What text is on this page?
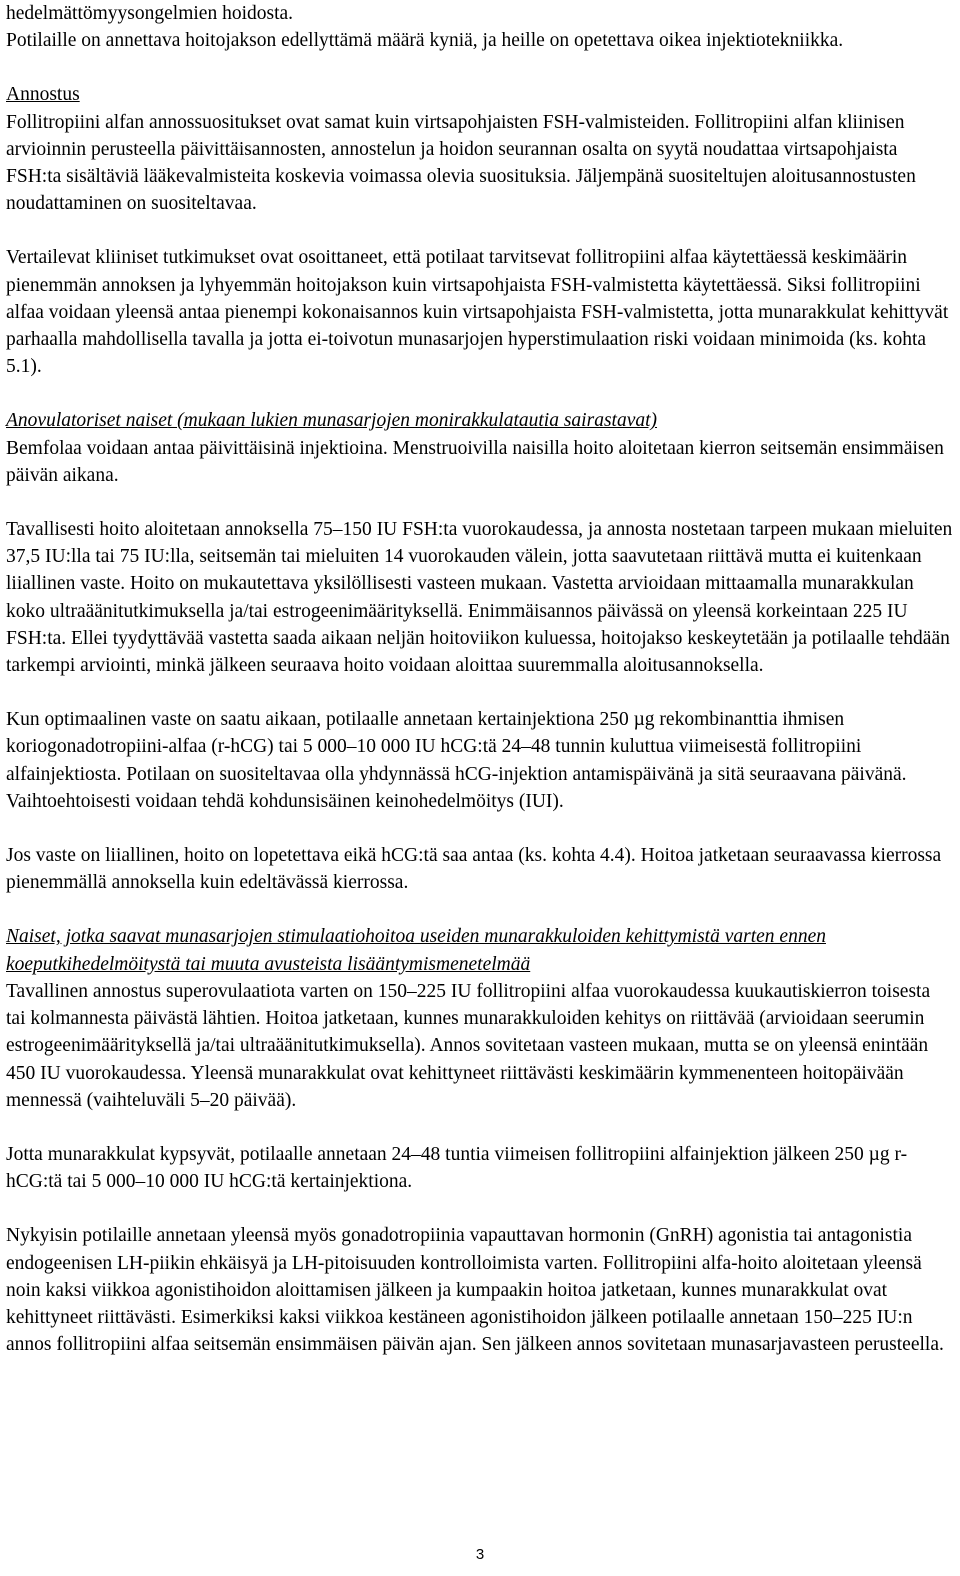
hedelmättömyysongelmien hoidosta.

Potilaille on annettava hoitojakson edellyttämä määrä kyniä, ja heille on opetettava oikea injektiotekniikka.

Annostus

Follitropiini alfan annossuositukset ovat samat kuin virtsapohjaisten FSH-valmisteiden. Follitropiini alfan kliinisen arvioinnin perusteella päivittäisannosten, annostelun ja hoidon seurannan osalta on syytä noudattaa virtsapohjaista FSH:ta sisältäviä lääkevalmisteita koskevia voimassa olevia suosituksia. Jäljempänä suositeltujen aloitusannostusten noudattaminen on suositeltavaa.

Vertailevat kliiniset tutkimukset ovat osoittaneet, että potilaat tarvitsevat follitropiini alfaa käytettäessä keskimäärin pienemmän annoksen ja lyhyemmän hoitojakson kuin virtsapohjaista FSH-valmistetta käytettäessä. Siksi follitropiini alfaa voidaan yleensä antaa pienempi kokonaisannos kuin virtsapohjaista FSH-valmistetta, jotta munarakkulat kehittyvät parhaalla mahdollisella tavalla ja jotta ei-toivotun munasarjojen hyperstimulaation riski voidaan minimoida (ks. kohta 5.1).

Anovulatoriset naiset (mukaan lukien munasarjojen monirakkulatautia sairastavat)

Bemfolaa voidaan antaa päivittäisinä injektioina. Menstruoivilla naisilla hoito aloitetaan kierron seitsemän ensimmäisen päivän aikana.

Tavallisesti hoito aloitetaan annoksella 75–150 IU FSH:ta vuorokaudessa, ja annosta nostetaan tarpeen mukaan mieluiten 37,5 IU:lla tai 75 IU:lla, seitsemän tai mieluiten 14 vuorokauden välein, jotta saavutetaan riittävä mutta ei kuitenkaan liiallinen vaste. Hoito on mukautettava yksilöllisesti vasteen mukaan. Vastetta arvioidaan mittaamalla munarakkulan koko ultraäänitutkimuksella ja/tai estrogeenimäärityksellä. Enimmäisannos päivässä on yleensä korkeintaan 225 IU FSH:ta. Ellei tyydyttävää vastetta saada aikaan neljän hoitoviikon kuluessa, hoitojakso keskeytetään ja potilaalle tehdään tarkempi arviointi, minkä jälkeen seuraava hoito voidaan aloittaa suuremmalla aloitusannoksella.

Kun optimaalinen vaste on saatu aikaan, potilaalle annetaan kertainjektiona 250 µg rekombinanttia ihmisen koriogonadotropiini-alfaa (r-hCG) tai 5 000–10 000 IU hCG:tä 24–48 tunnin kuluttua viimeisestä follitropiini alfainjektiosta. Potilaan on suositeltavaa olla yhdynnässä hCG-injektion antamispäivänä ja sitä seuraavana päivänä. Vaihtoehtoisesti voidaan tehdä kohdunsisäinen keinohedelmöitys (IUI).

Jos vaste on liiallinen, hoito on lopetettava eikä hCG:tä saa antaa (ks. kohta 4.4). Hoitoa jatketaan seuraavassa kierrossa pienemmällä annoksella kuin edeltävässä kierrossa.

Naiset, jotka saavat munasarjojen stimulaatiohoitoa useiden munarakkuloiden kehittymistä varten ennen koeputkihedelmöitystä tai muuta avusteista lisääntymismenetelmää

Tavallinen annostus superovulaatiota varten on 150–225 IU follitropiini alfaa vuorokaudessa kuukautiskierron toisesta tai kolmannesta päivästä lähtien. Hoitoa jatketaan, kunnes munarakkuloiden kehitys on riittävää (arvioidaan seerumin estrogeenimäärityksellä ja/tai ultraäänitutkimuksella). Annos sovitetaan vasteen mukaan, mutta se on yleensä enintään 450 IU vuorokaudessa. Yleensä munarakkulat ovat kehittyneet riittävästi keskimäärin kymmenenteen hoitopäivään mennessä (vaihteluväli 5–20 päivää).

Jotta munarakkulat kypsyvät, potilaalle annetaan 24–48 tuntia viimeisen follitropiini alfainjektion jälkeen 250 µg r-hCG:tä tai 5 000–10 000 IU hCG:tä kertainjektiona.

Nykyisin potilaille annetaan yleensä myös gonadotropiinia vapauttavan hormonin (GnRH) agonistia tai antagonistia endogeenisen LH-piikin ehkäisyä ja LH-pitoisuuden kontrolloimista varten. Follitropiini alfa-hoito aloitetaan yleensä noin kaksi viikkoa agonistihoidon aloittamisen jälkeen ja kumpaakin hoitoa jatketaan, kunnes munarakkulat ovat kehittyneet riittävästi. Esimerkiksi kaksi viikkoa kestäneen agonistihoidon jälkeen potilaalle annetaan 150–225 IU:n annos follitropiini alfaa seitsemän ensimmäisen päivän ajan. Sen jälkeen annos sovitetaan munasarjavasteen perusteella.

3
